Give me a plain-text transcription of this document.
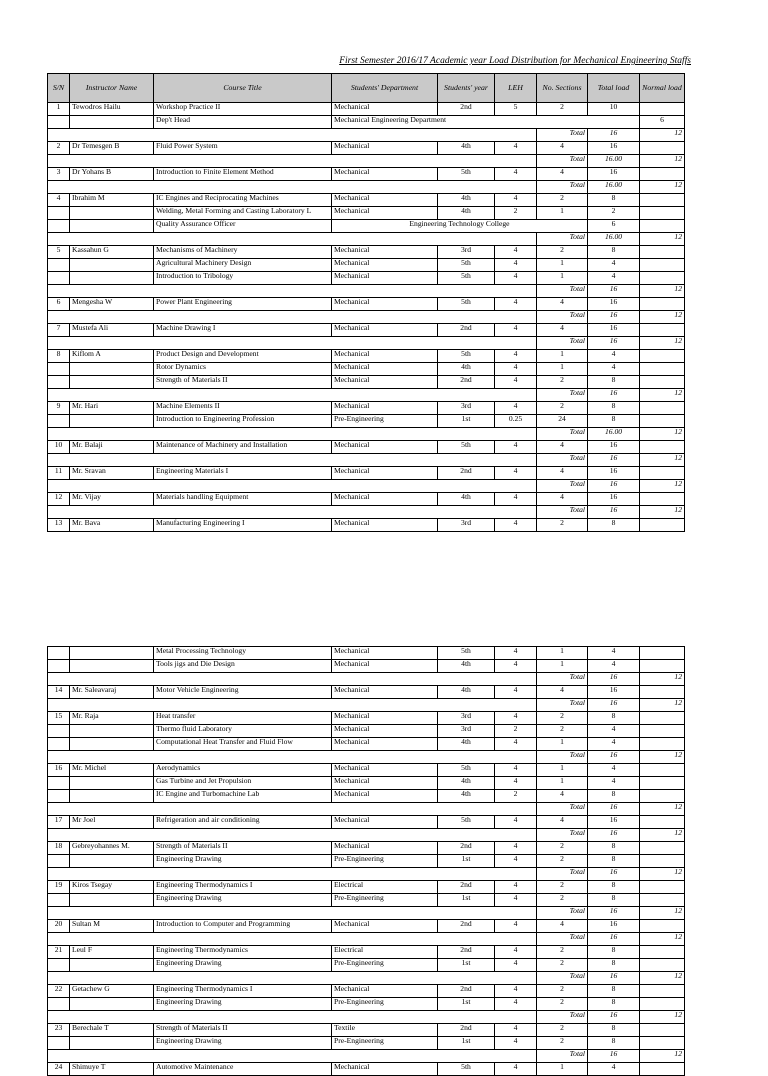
First Semester 2016/17 Academic year Load Distribution for Mechanical Engineering Staffs
S/N	Instructor Name	Course Title	Students' Department	Students' year	LEH	No. Sections	Total load	Normal load	
1	Tewodros Hailu	Workshop Practice II	Mechanical	2nd	5	2	10		
		Dep't Head	Mechanical Engineering Department					6	
						Total	16	12	
2	Dr Temesgen B	Fluid Power System	Mechanical	4th	4	4	16		
						Total	16.00	12	
3	Dr Yohans B	Introduction to Finite Element Method	Mechanical	5th	4	4	16		
						Total	16.00	12	
4	Ibrahim M	IC Engines and Reciprocating Machines	Mechanical	4th	4	2	8		
		Welding, Metal Forming and Casting Laboratory L	Mechanical	4th	2	1	2		
		Quality Assurance Officer	Engineering Technology College				6		
						Total	16.00	12	
5	Kassahun G	Mechanisms of Machinery	Mechanical	3rd	4	2	8		
		Agricultural Machinery Design	Mechanical	5th	4	1	4		
		Introduction to Tribology	Mechanical	5th	4	1	4		
						Total	16	12	
6	Mengesha W	Power Plant Engineering	Mechanical	5th	4	4	16		
						Total	16	12	
7	Mustefa Ali	Machine Drawing I	Mechanical	2nd	4	4	16		
						Total	16	12	
8	Kiflom A	Product Design and Development	Mechanical	5th	4	1	4		
		Rotor Dynamics	Mechanical	4th	4	1	4		
		Strength of Materials II	Mechanical	2nd	4	2	8		
						Total	16	12	
9	Mr. Hari	Machine Elements II	Mechanical	3rd	4	2	8		
		Introduction to Engineering Profession	Pre-Engineering	1st	0.25	24	8		
						Total	16.00	12	
10	Mr. Balaji	Maintenance of Machinery and Installation	Mechanical	5th	4	4	16		
						Total	16	12	
11	Mr. Sravan	Engineering Materials I	Mechanical	2nd	4	4	16		
						Total	16	12	
12	Mr. Vijay	Materials handling Equipment	Mechanical	4th	4	4	16		
						Total	16	12	
13	Mr. Bava	Manufacturing Engineering I	Mechanical	3rd	4	2	8		
		Metal Processing Technology	Mechanical	5th	4	1	4	
		Tools jigs and Die Design	Mechanical	4th	4	1	4	
						Total	16	12
14	Mr. Saleavaraj	Motor Vehicle Engineering	Mechanical	4th	4	4	16	
						Total	16	12
15	Mr. Raja	Heat transfer	Mechanical	3rd	4	2	8	
		Thermo fluid Laboratory	Mechanical	3rd	2	2	4	
		Computational Heat Transfer and Fluid Flow	Mechanical	4th	4	1	4	
						Total	16	12
16	Mr. Michel	Aerodynamics	Mechanical	5th	4	1	4	
		Gas Turbine and Jet Propulsion	Mechanical	4th	4	1	4	
		IC Engine and Turbomachine Lab	Mechanical	4th	2	4	8	
						Total	16	12
17	Mr Joel	Refrigeration and air conditioning	Mechanical	5th	4	4	16	
						Total	16	12
18	Gebreyohannes M.	Strength of Materials II	Mechanical	2nd	4	2	8	
		Engineering Drawing	Pre-Engineering	1st	4	2	8	
						Total	16	12
19	Kiros Tsegay	Engineering Thermodynamics I	Electrical	2nd	4	2	8	
		Engineering Drawing	Pre-Engineering	1st	4	2	8	
						Total	16	12
20	Sultan M	Introduction to Computer and Programming	Mechanical	2nd	4	4	16	
						Total	16	12
21	Leul F	Engineering Thermodynamics	Electrical	2nd	4	2	8	
		Engineering Drawing	Pre-Engineering	1st	4	2	8	
						Total	16	12
22	Getachew G	Engineering Thermodynamics I	Mechanical	2nd	4	2	8	
		Engineering Drawing	Pre-Engineering	1st	4	2	8	
						Total	16	12
23	Berechale T	Strength of Materials II	Textile	2nd	4	2	8	
		Engineering Drawing	Pre-Engineering	1st	4	2	8	
						Total	16	12
24	Shimuye T	Automotive Maintenance	Mechanical	5th	4	1	4	
